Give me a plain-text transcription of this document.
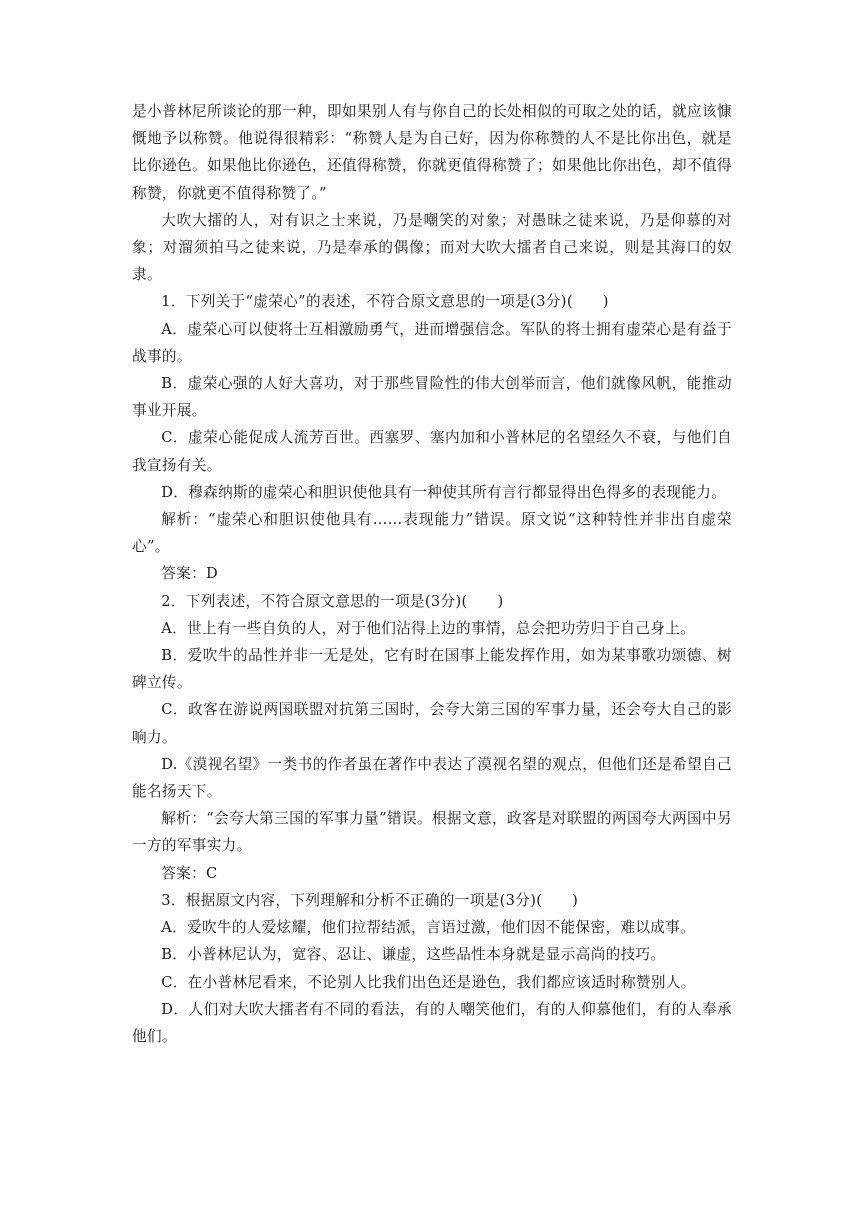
是小普林尼所谈论的那一种，即如果别人有与你自己的长处相似的可取之处的话，就应该慷慨地予以称赞。他说得很精彩：“称赞人是为自己好，因为你称赞的人不是比你出色，就是比你逊色。如果他比你逊色，还值得称赞，你就更值得称赞了；如果他比你出色，却不值得称赞，你就更不值得称赞了。”

大吹大擂的人，对有识之士来说，乃是嘲笑的对象；对愚昧之徒来说，乃是仰慕的对象；对溜须拍马之徒来说，乃是奉承的偶像；而对大吹大擂者自己来说，则是其海口的奴隶。

1．下列关于“虚荣心”的表述，不符合原文意思的一项是(3分)(　　)

A．虚荣心可以使将士互相激励勇气，进而增强信念。军队的将士拥有虚荣心是有益于战事的。

B．虚荣心强的人好大喜功，对于那些冒险性的伟大创举而言，他们就像风帆，能推动事业开展。

C．虚荣心能促成人流芳百世。西塞罗、塞内加和小普林尼的名望经久不衰，与他们自我宣扬有关。

D．穆森纳斯的虚荣心和胆识使他具有一种使其所有言行都显得出色得多的表现能力。

解析：“虚荣心和胆识使他具有……表现能力”错误。原文说“这种特性并非出自虚荣心”。

答案：D

2．下列表述，不符合原文意思的一项是(3分)(　　)

A．世上有一些自负的人，对于他们沾得上边的事情，总会把功劳归于自己身上。

B．爱吹牛的品性并非一无是处，它有时在国事上能发挥作用，如为某事歌功颂德、树碑立传。

C．政客在游说两国联盟对抗第三国时，会夸大第三国的军事力量，还会夸大自己的影响力。

D.《漠视名望》一类书的作者虽在著作中表达了漠视名望的观点，但他们还是希望自己能名扬天下。

解析：“会夸大第三国的军事力量”错误。根据文意，政客是对联盟的两国夸大两国中另一方的军事实力。

答案：C

3．根据原文内容，下列理解和分析不正确的一项是(3分)(　　)

A．爱吹牛的人爱炫耀，他们拉帮结派，言语过激，他们因不能保密，难以成事。

B．小普林尼认为，宽容、忍让、谦虚，这些品性本身就是显示高尚的技巧。

C．在小普林尼看来，不论别人比我们出色还是逊色，我们都应该适时称赞别人。

D．人们对大吹大擂者有不同的看法，有的人嘲笑他们，有的人仰慕他们，有的人奉承他们。
